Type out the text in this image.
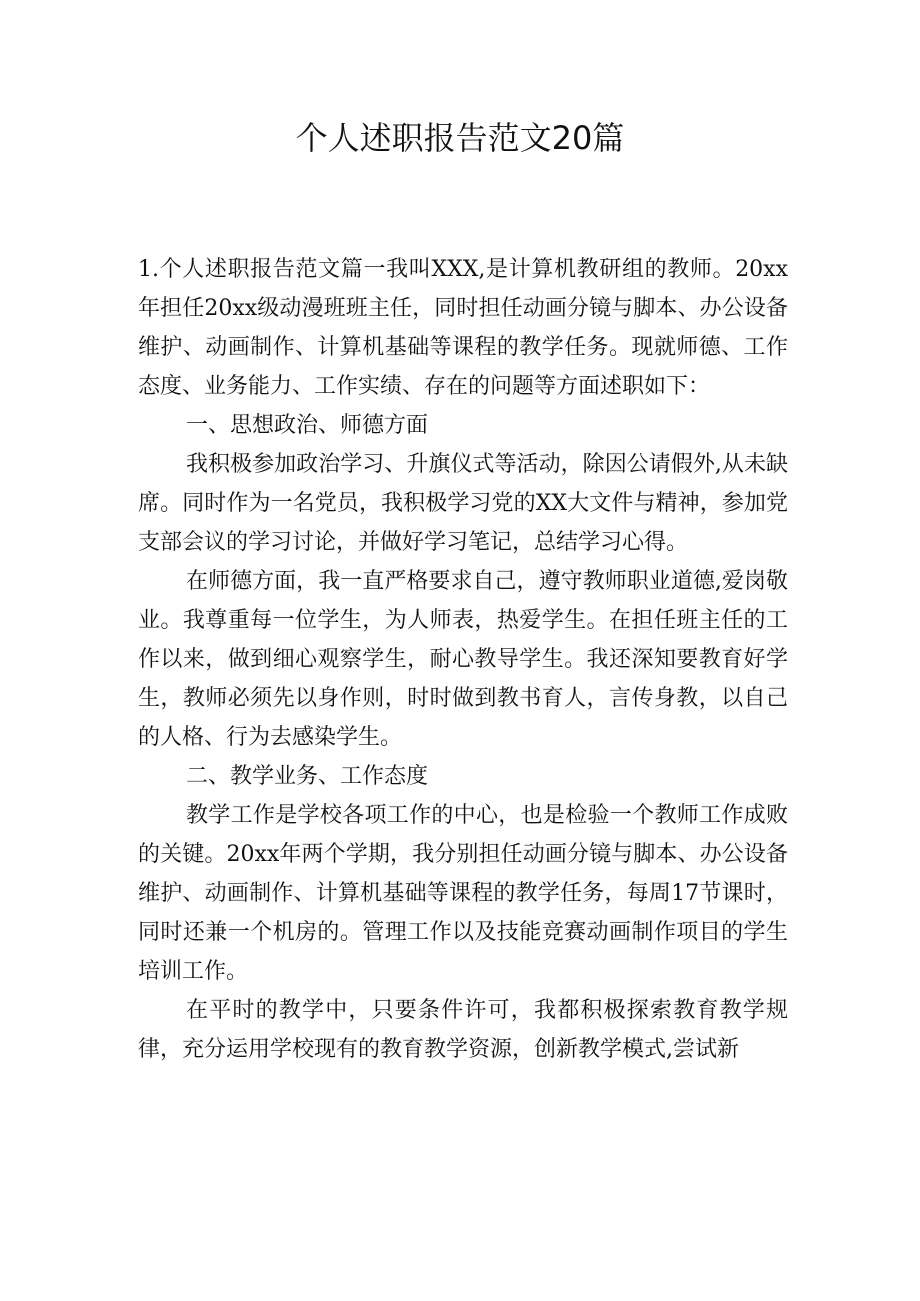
个人述职报告范文20篇

1.个人述职报告范文篇一我叫XXX,是计算机教研组的教师。20xx年担任20xx级动漫班班主任，同时担任动画分镜与脚本、办公设备维护、动画制作、计算机基础等课程的教学任务。现就师德、工作态度、业务能力、工作实绩、存在的问题等方面述职如下：

一、思想政治、师德方面

我积极参加政治学习、升旗仪式等活动，除因公请假外,从未缺席。同时作为一名党员，我积极学习党的XX大文件与精神，参加党支部会议的学习讨论，并做好学习笔记，总结学习心得。

在师德方面，我一直严格要求自己，遵守教师职业道德,爱岗敬业。我尊重每一位学生，为人师表，热爱学生。在担任班主任的工作以来，做到细心观察学生，耐心教导学生。我还深知要教育好学生，教师必须先以身作则，时时做到教书育人，言传身教，以自己的人格、行为去感染学生。

二、教学业务、工作态度

教学工作是学校各项工作的中心，也是检验一个教师工作成败的关键。20xx年两个学期，我分别担任动画分镜与脚本、办公设备维护、动画制作、计算机基础等课程的教学任务，每周17节课时，同时还兼一个机房的。管理工作以及技能竞赛动画制作项目的学生培训工作。

在平时的教学中，只要条件许可，我都积极探索教育教学规律，充分运用学校现有的教育教学资源，创新教学模式,尝试新
